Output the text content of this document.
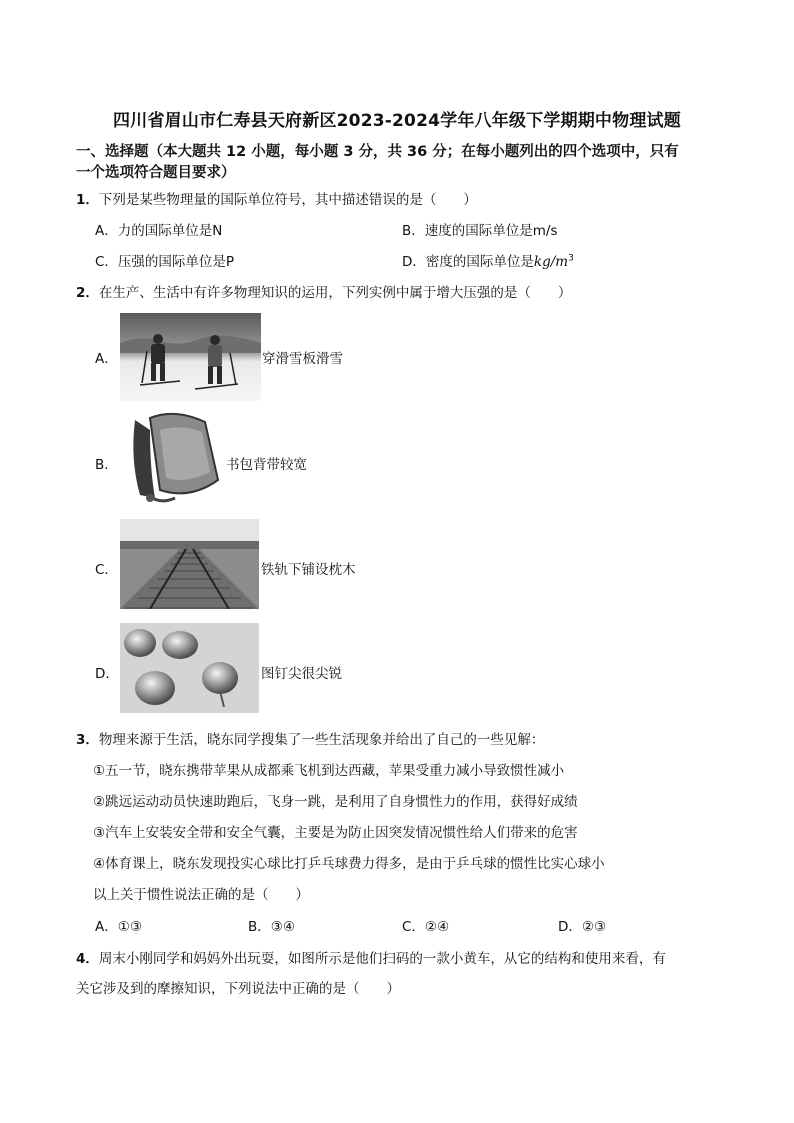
四川省眉山市仁寿县天府新区2023-2024学年八年级下学期期中物理试题
一、选择题（本大题共 12 小题，每小题 3 分，共 36 分；在每小题列出的四个选项中，只有
一个选项符合题目要求）
1．下列是某些物理量的国际单位符号，其中描述错误的是（　　）
A．力的国际单位是N	B．速度的国际单位是m/s
C．压强的国际单位是P	D．密度的国际单位是$kg/m^3$
2．在生产、生活中有许多物理知识的运用，下列实例中属于增大压强的是（　　）
A．	穿滑雪板滑雪
B．	书包背带较宽
C．	铁轨下铺设枕木
D．	图钉尖很尖锐
3．物理来源于生活，晓东同学搜集了一些生活现象并给出了自己的一些见解：
①五一节，晓东携带苹果从成都乘飞机到达西藏，苹果受重力减小导致惯性减小
②跳远运动动员快速助跑后，飞身一跳，是利用了自身惯性力的作用，获得好成绩
③汽车上安装安全带和安全气囊，主要是为防止因突发情况惯性给人们带来的危害
④体育课上，晓东发现投实心球比打乒乓球费力得多，是由于乒乓球的惯性比实心球小
以上关于惯性说法正确的是（　　）
A．①③	B．③④	C．②④	D．②③
4．周末小刚同学和妈妈外出玩耍，如图所示是他们扫码的一款小黄车，从它的结构和使用来看，有
关它涉及到的摩擦知识，下列说法中正确的是（　　）
